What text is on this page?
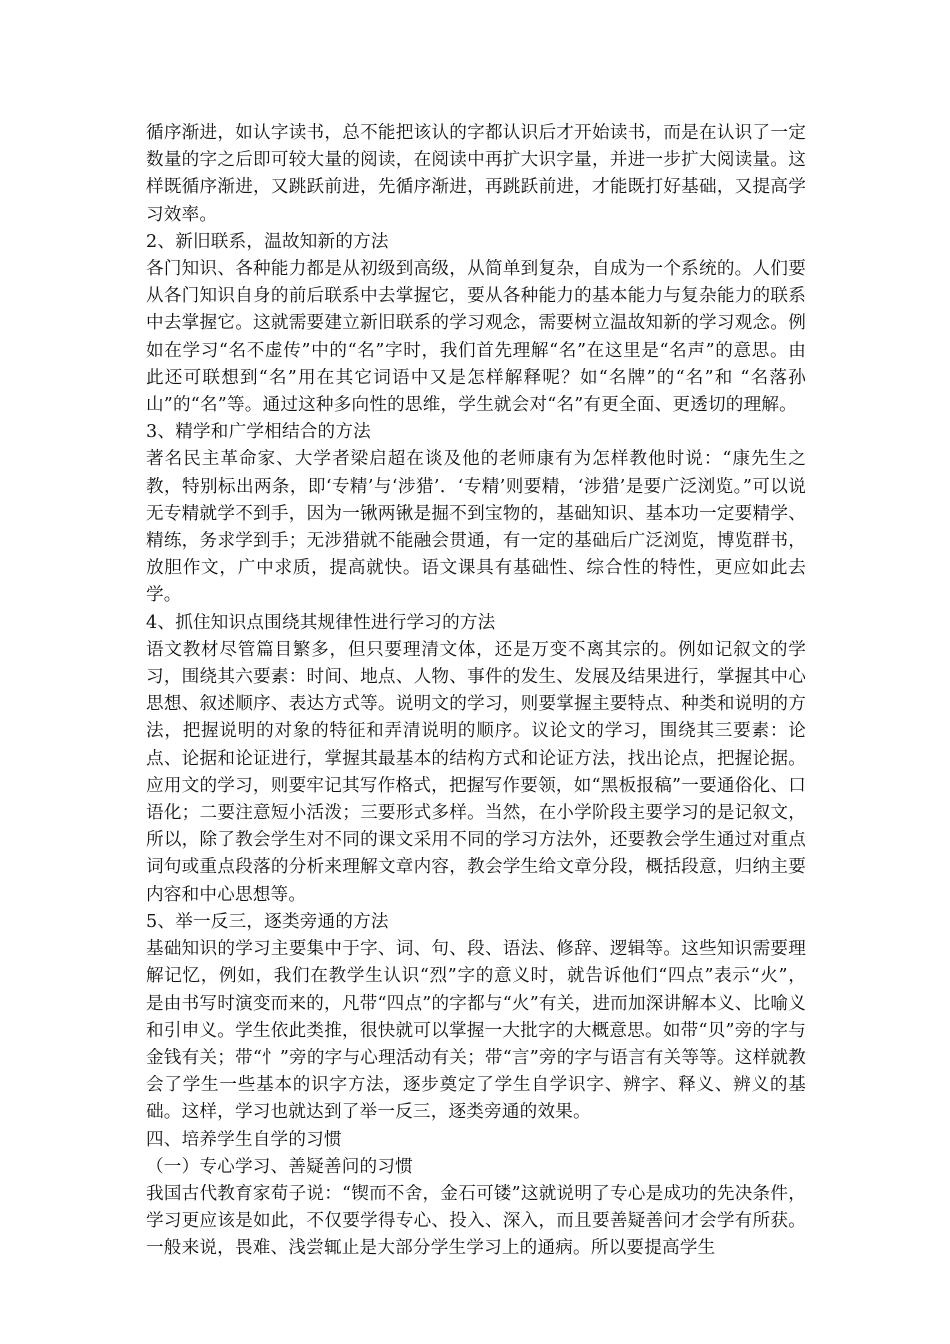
循序渐进，如认字读书，总不能把该认的字都认识后才开始读书，而是在认识了一定数量的字之后即可较大量的阅读，在阅读中再扩大识字量，并进一步扩大阅读量。这样既循序渐进，又跳跃前进，先循序渐进，再跳跃前进，才能既打好基础，又提高学习效率。

2、新旧联系，温故知新的方法

各门知识、各种能力都是从初级到高级，从简单到复杂，自成为一个系统的。人们要从各门知识自身的前后联系中去掌握它，要从各种能力的基本能力与复杂能力的联系中去掌握它。这就需要建立新旧联系的学习观念，需要树立温故知新的学习观念。例如在学习“名不虚传”中的“名”字时，我们首先理解“名”在这里是“名声”的意思。由此还可联想到“名”用在其它词语中又是怎样解释呢？如“名牌”的“名”和 “名落孙山”的“名”等。通过这种多向性的思维，学生就会对“名”有更全面、更透切的理解。

3、精学和广学相结合的方法

著名民主革命家、大学者梁启超在谈及他的老师康有为怎样教他时说：“康先生之教，特别标出两条，即‘专精’与‘涉猎’．‘专精’则要精，‘涉猎’是要广泛浏览。”可以说无专精就学不到手，因为一锹两锹是掘不到宝物的，基础知识、基本功一定要精学、精练，务求学到手；无涉猎就不能融会贯通，有一定的基础后广泛浏览，博览群书，放胆作文，广中求质，提高就快。语文课具有基础性、综合性的特性，更应如此去学。

4、抓住知识点围绕其规律性进行学习的方法

语文教材尽管篇目繁多，但只要理清文体，还是万变不离其宗的。例如记叙文的学习，围绕其六要素：时间、地点、人物、事件的发生、发展及结果进行，掌握其中心思想、叙述顺序、表达方式等。说明文的学习，则要掌握主要特点、种类和说明的方法，把握说明的对象的特征和弄清说明的顺序。议论文的学习，围绕其三要素：论点、论据和论证进行，掌握其最基本的结构方式和论证方法，找出论点，把握论据。应用文的学习，则要牢记其写作格式，把握写作要领，如“黑板报稿”一要通俗化、口语化；二要注意短小活泼；三要形式多样。当然，在小学阶段主要学习的是记叙文，所以，除了教会学生对不同的课文采用不同的学习方法外，还要教会学生通过对重点词句或重点段落的分析来理解文章内容，教会学生给文章分段，概括段意，归纳主要内容和中心思想等。

5、举一反三，逐类旁通的方法

基础知识的学习主要集中于字、词、句、段、语法、修辞、逻辑等。这些知识需要理解记忆，例如，我们在教学生认识“烈”字的意义时，就告诉他们“四点”表示“火”，是由书写时演变而来的，凡带“四点”的字都与“火”有关，进而加深讲解本义、比喻义和引申义。学生依此类推，很快就可以掌握一大批字的大概意思。如带“贝”旁的字与金钱有关；带“忄”旁的字与心理活动有关；带“言”旁的字与语言有关等等。这样就教会了学生一些基本的识字方法，逐步奠定了学生自学识字、辨字、释义、辨义的基础。这样，学习也就达到了举一反三，逐类旁通的效果。

四、培养学生自学的习惯

（一）专心学习、善疑善问的习惯

我国古代教育家荀子说：“锲而不舍，金石可镂”这就说明了专心是成功的先决条件，学习更应该是如此，不仅要学得专心、投入、深入，而且要善疑善问才会学有所获。一般来说，畏难、浅尝辄止是大部分学生学习上的通病。所以要提高学生
